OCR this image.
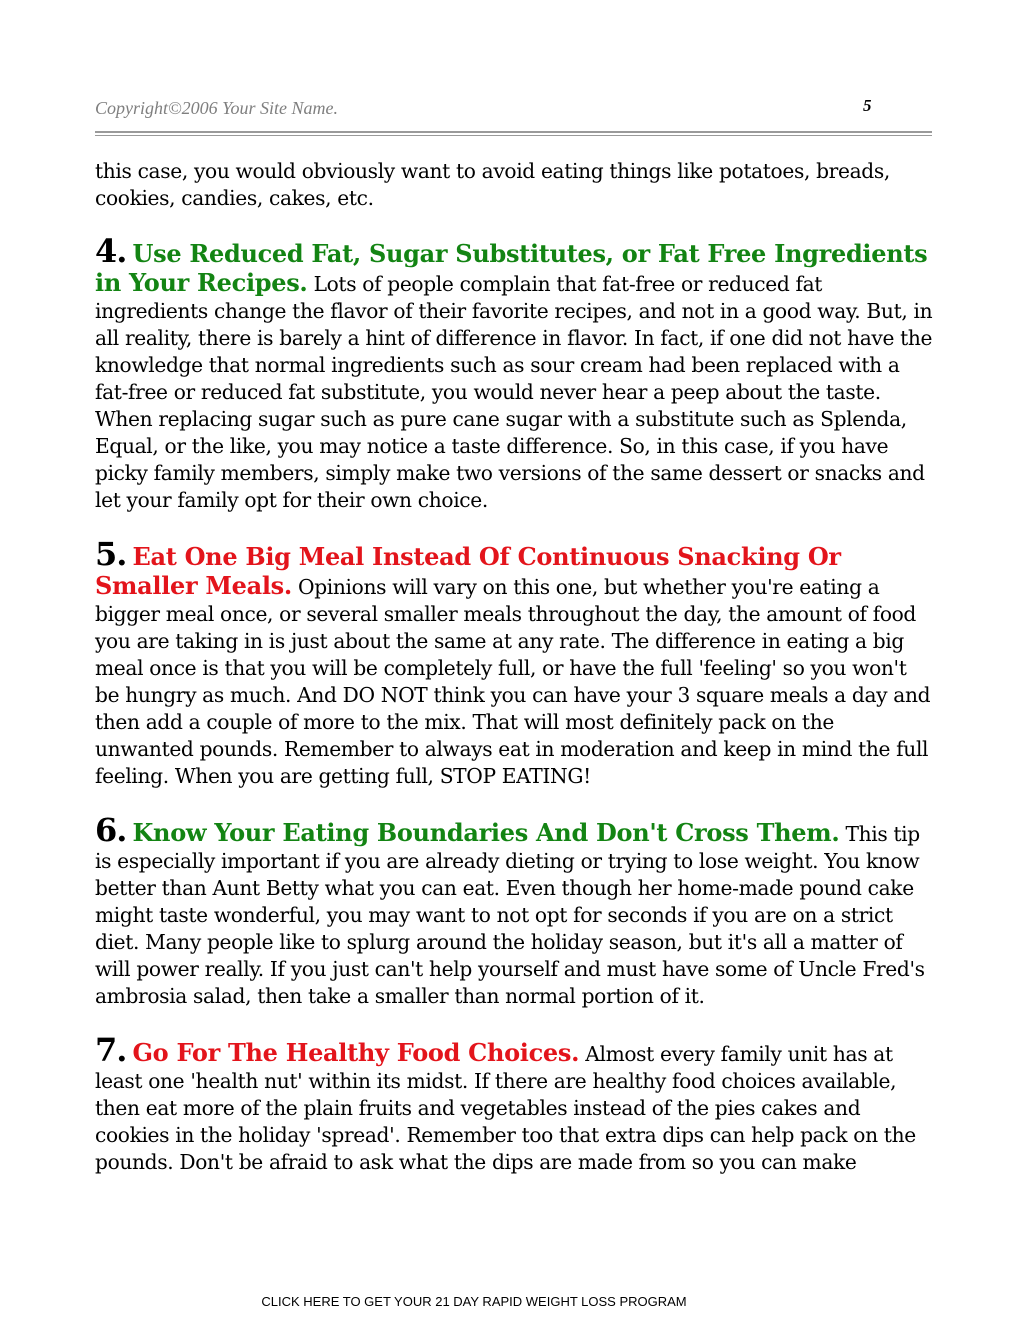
Copyright©2006 Your Site Name.	5

this case, you would obviously want to avoid eating things like potatoes, breads, cookies, candies, cakes, etc.

4. Use Reduced Fat, Sugar Substitutes, or Fat Free Ingredients in Your Recipes. Lots of people complain that fat-free or reduced fat ingredients change the flavor of their favorite recipes, and not in a good way. But, in all reality, there is barely a hint of difference in flavor. In fact, if one did not have the knowledge that normal ingredients such as sour cream had been replaced with a fat-free or reduced fat substitute, you would never hear a peep about the taste. When replacing sugar such as pure cane sugar with a substitute such as Splenda, Equal, or the like, you may notice a taste difference. So, in this case, if you have picky family members, simply make two versions of the same dessert or snacks and let your family opt for their own choice.

5. Eat One Big Meal Instead Of Continuous Snacking Or Smaller Meals. Opinions will vary on this one, but whether you're eating a bigger meal once, or several smaller meals throughout the day, the amount of food you are taking in is just about the same at any rate. The difference in eating a big meal once is that you will be completely full, or have the full 'feeling' so you won't be hungry as much. And DO NOT think you can have your 3 square meals a day and then add a couple of more to the mix. That will most definitely pack on the unwanted pounds. Remember to always eat in moderation and keep in mind the full feeling. When you are getting full, STOP EATING!

6. Know Your Eating Boundaries And Don't Cross Them. This tip is especially important if you are already dieting or trying to lose weight. You know better than Aunt Betty what you can eat. Even though her home-made pound cake might taste wonderful, you may want to not opt for seconds if you are on a strict diet. Many people like to splurg around the holiday season, but it's all a matter of will power really. If you just can't help yourself and must have some of Uncle Fred's ambrosia salad, then take a smaller than normal portion of it.

7. Go For The Healthy Food Choices. Almost every family unit has at least one 'health nut' within its midst. If there are healthy food choices available, then eat more of the plain fruits and vegetables instead of the pies cakes and cookies in the holiday 'spread'. Remember too that extra dips can help pack on the pounds. Don't be afraid to ask what the dips are made from so you can make

CLICK HERE TO GET YOUR 21 DAY RAPID WEIGHT LOSS PROGRAM
